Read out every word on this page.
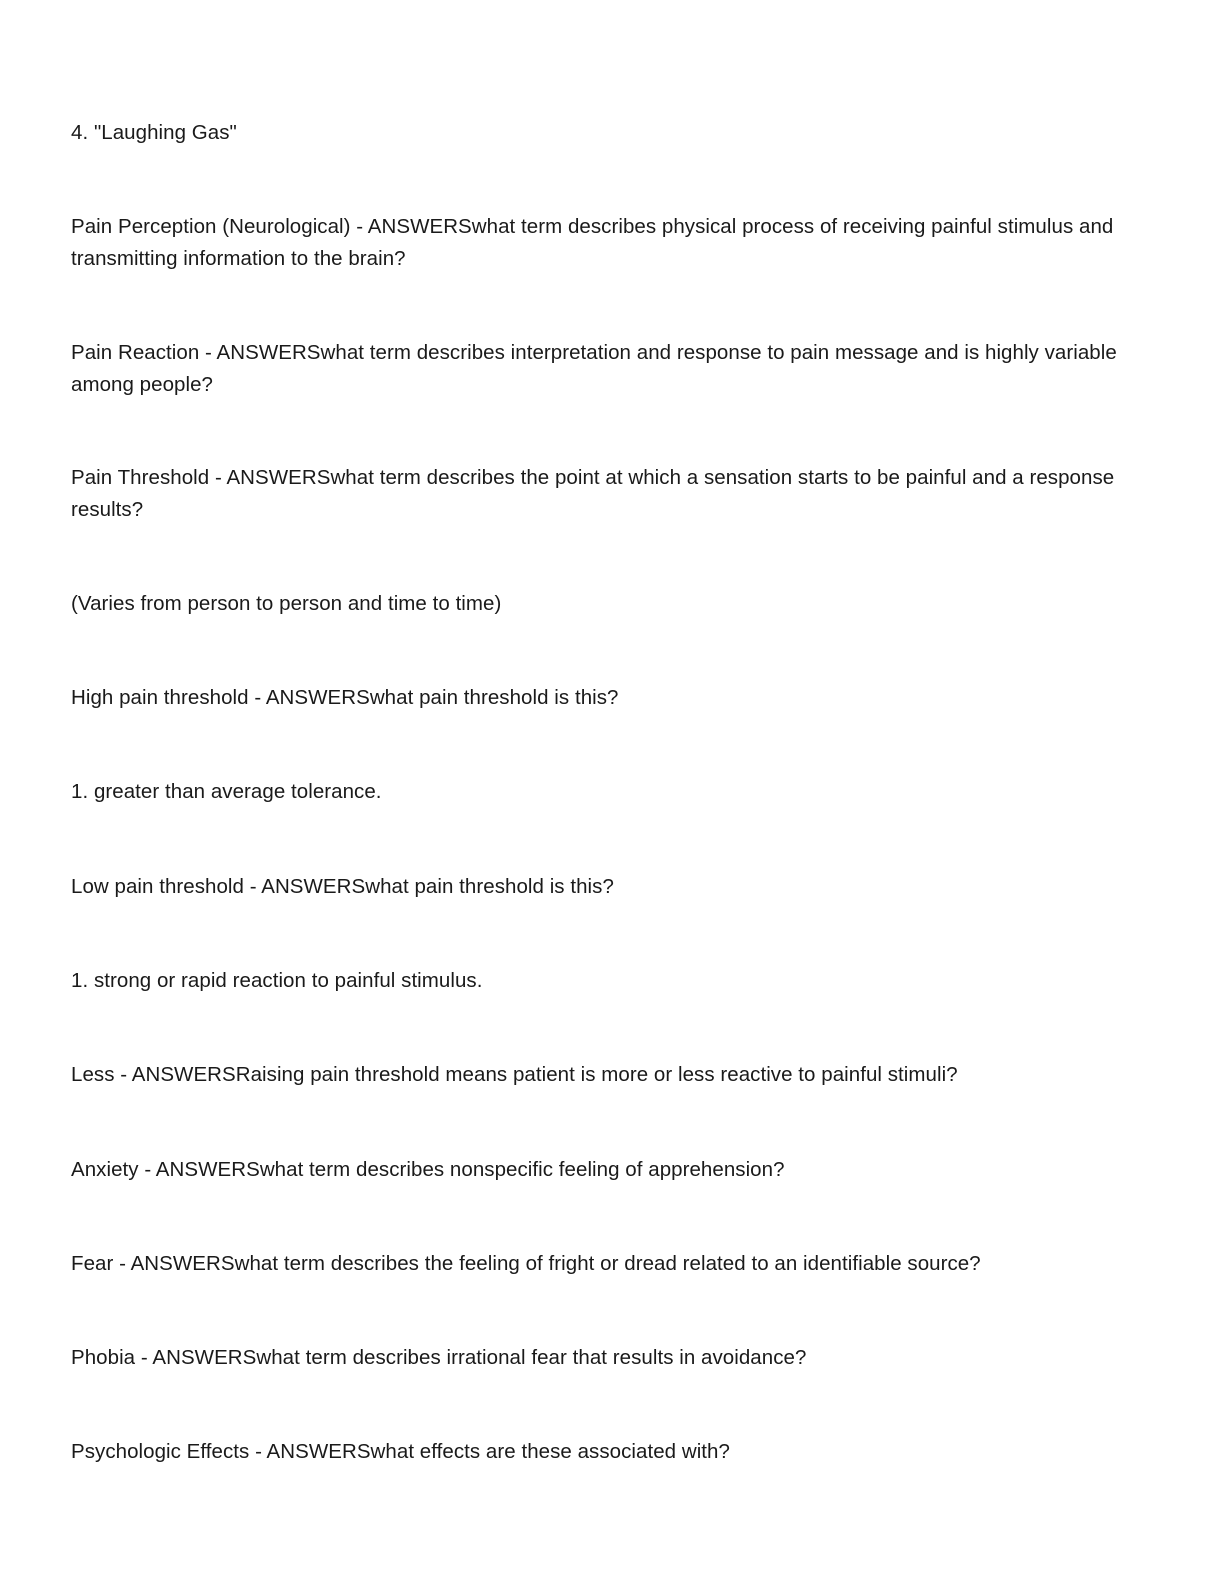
4. "Laughing Gas"

Pain Perception (Neurological) - ANSWERSwhat term describes physical process of receiving painful stimulus and transmitting information to the brain?

Pain Reaction - ANSWERSwhat term describes interpretation and response to pain message and is highly variable among people?

Pain Threshold - ANSWERSwhat term describes the point at which a sensation starts to be painful and a response results?

(Varies from person to person and time to time)

High pain threshold - ANSWERSwhat pain threshold is this?

1. greater than average tolerance.

Low pain threshold - ANSWERSwhat pain threshold is this?

1. strong or rapid reaction to painful stimulus.

Less - ANSWERSRaising pain threshold means patient is more or less reactive to painful stimuli?

Anxiety - ANSWERSwhat term describes nonspecific feeling of apprehension?

Fear - ANSWERSwhat term describes the feeling of fright or dread related to an identifiable source?

Phobia - ANSWERSwhat term describes irrational fear that results in avoidance?

Psychologic Effects - ANSWERSwhat effects are these associated with?
